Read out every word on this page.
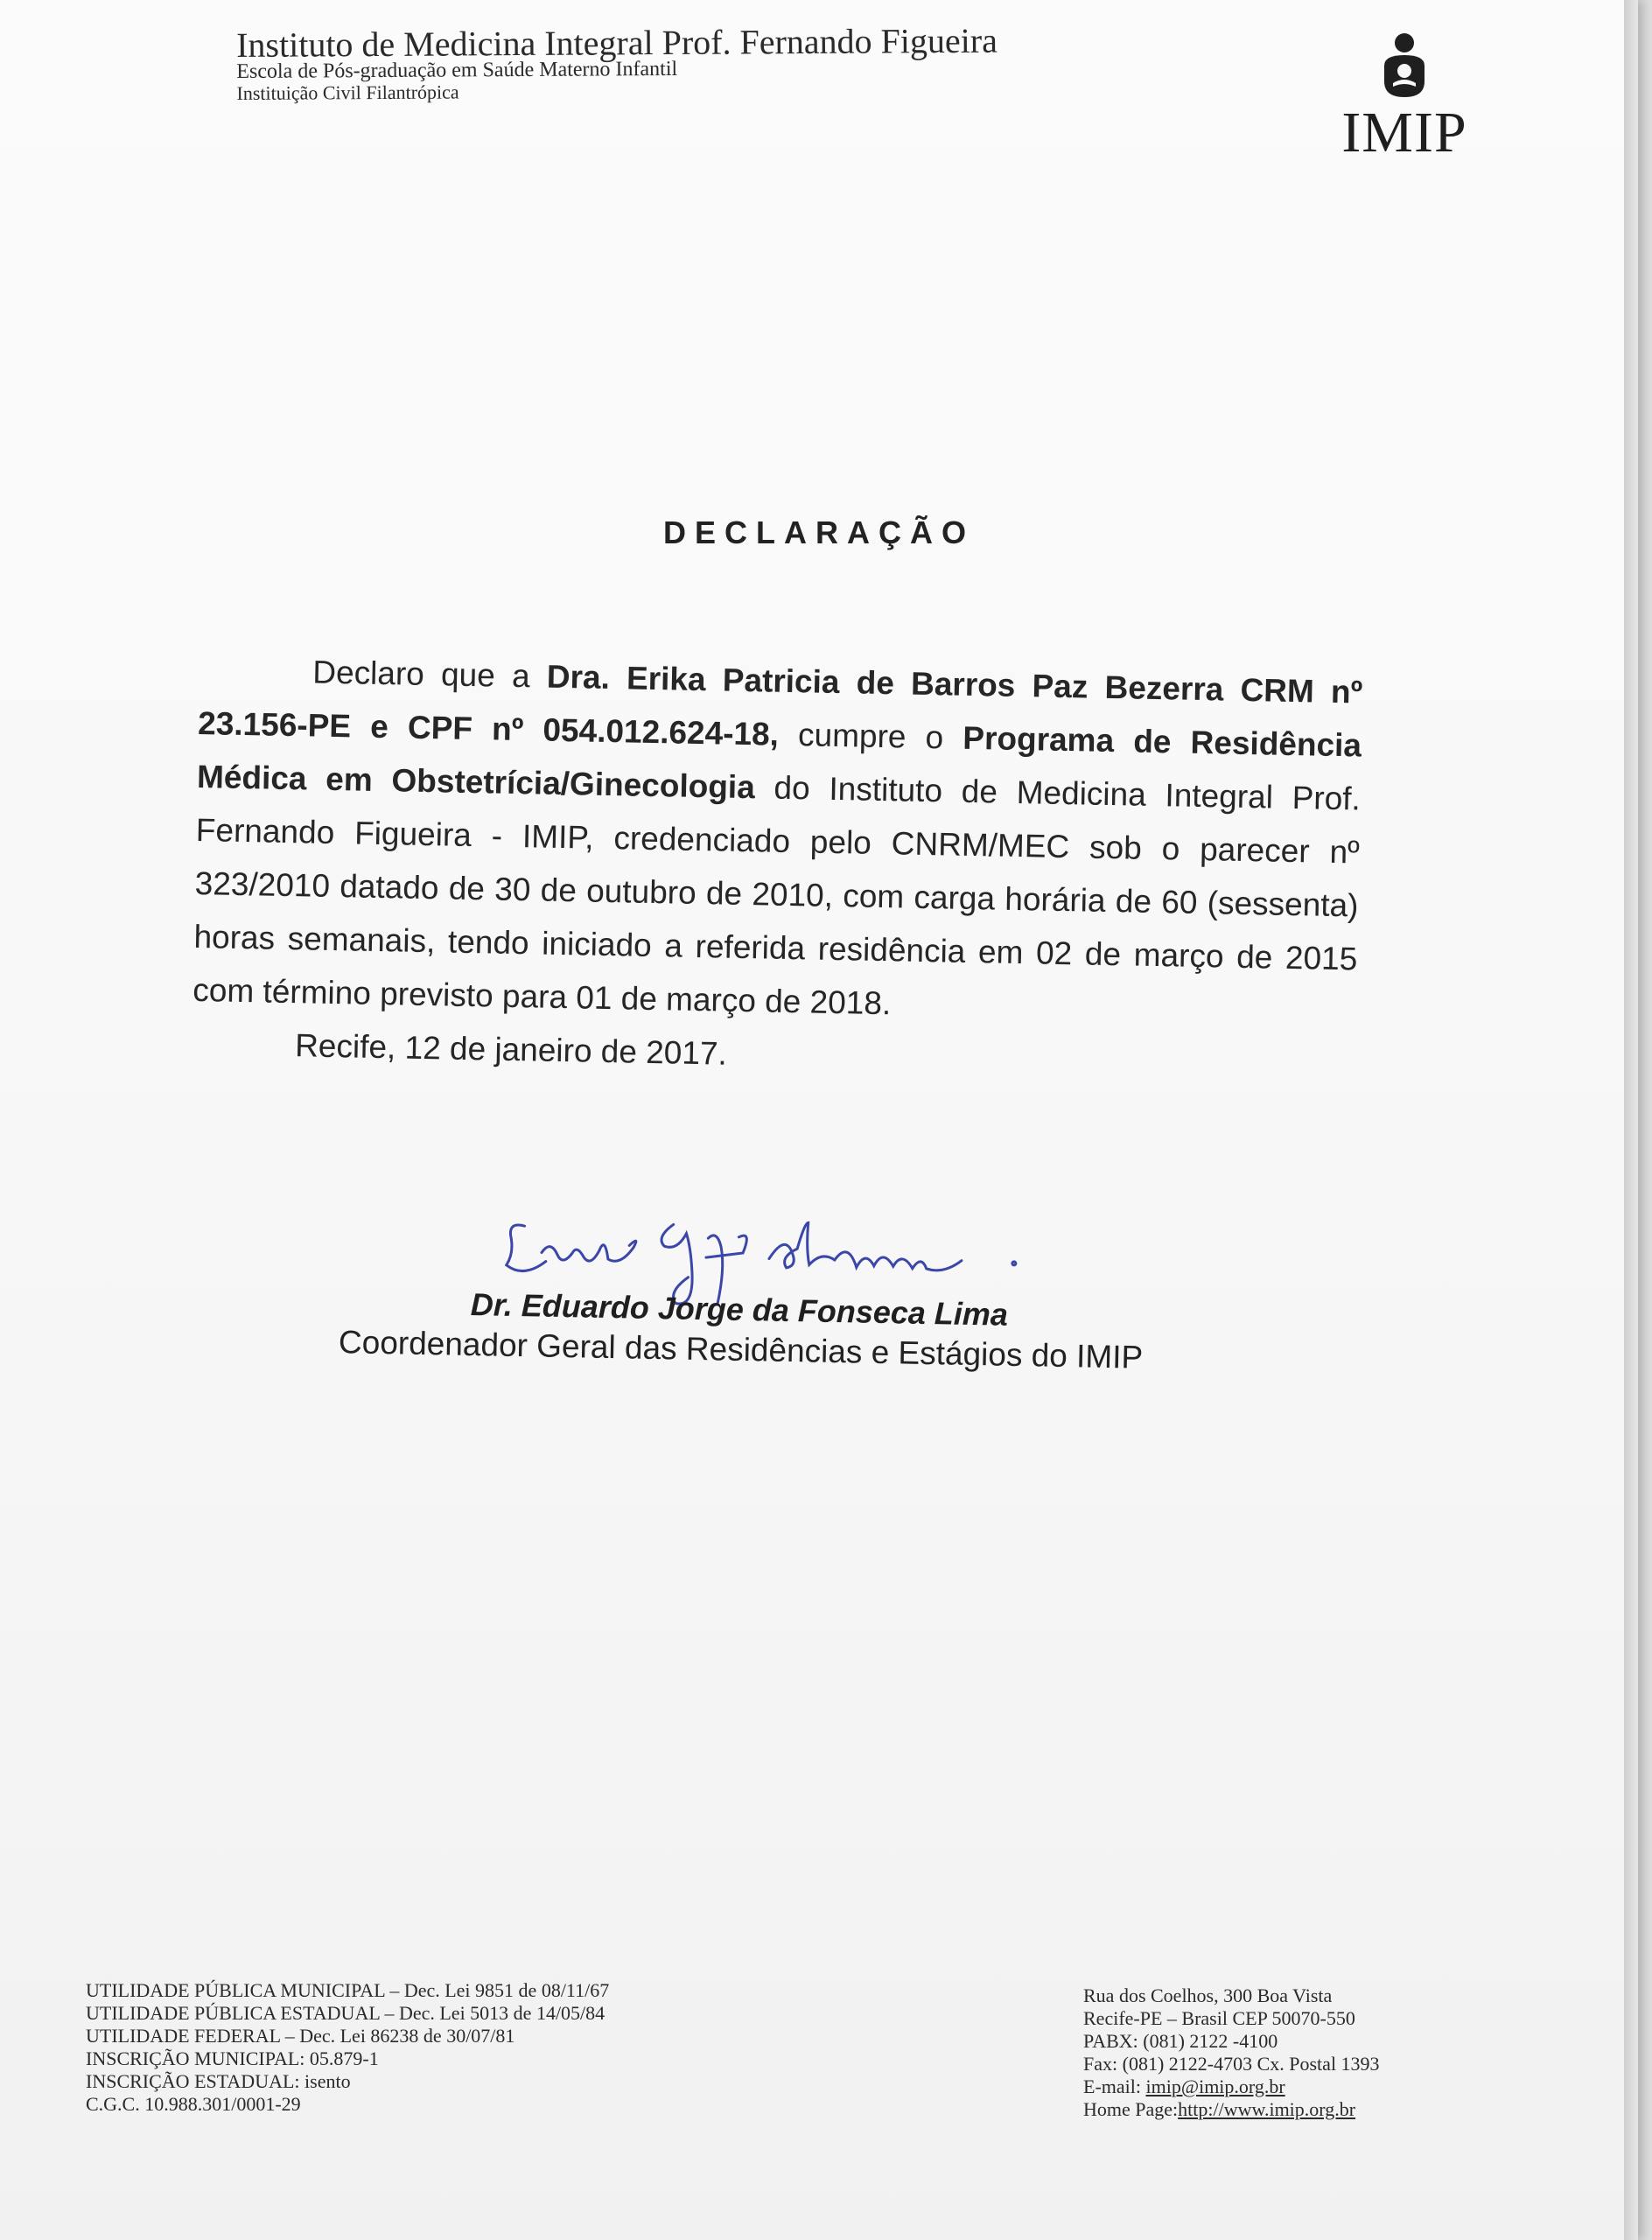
Instituto de Medicina Integral Prof. Fernando Figueira
Escola de Pós-graduação em Saúde Materno Infantil
Instituição Civil Filantrópica
IMIP
DECLARAÇÃO

Declaro que a Dra. Erika Patricia de Barros Paz Bezerra CRM nº 23.156-PE e CPF nº 054.012.624-18, cumpre o Programa de Residência Médica em Obstetrícia/Ginecologia do Instituto de Medicina Integral Prof. Fernando Figueira - IMIP, credenciado pelo CNRM/MEC sob o parecer nº 323/2010 datado de 30 de outubro de 2010, com carga horária de 60 (sessenta) horas semanais, tendo iniciado a referida residência em 02 de março de 2015 com término previsto para 01 de março de 2018.

Recife, 12 de janeiro de 2017.

Dr. Eduardo Jorge da Fonseca Lima
Coordenador Geral das Residências e Estágios do IMIP
UTILIDADE PÚBLICA MUNICIPAL – Dec. Lei 9851 de 08/11/67
UTILIDADE PÚBLICA ESTADUAL – Dec. Lei 5013 de 14/05/84
UTILIDADE FEDERAL – Dec. Lei 86238 de 30/07/81
INSCRIÇÃO MUNICIPAL: 05.879-1
INSCRIÇÃO ESTADUAL: isento
C.G.C. 10.988.301/0001-29
Rua dos Coelhos, 300 Boa Vista
Recife-PE – Brasil CEP 50070-550
PABX: (081) 2122 -4100
Fax: (081) 2122-4703 Cx. Postal 1393
E-mail: imip@imip.org.br
Home Page:http://www.imip.org.br
